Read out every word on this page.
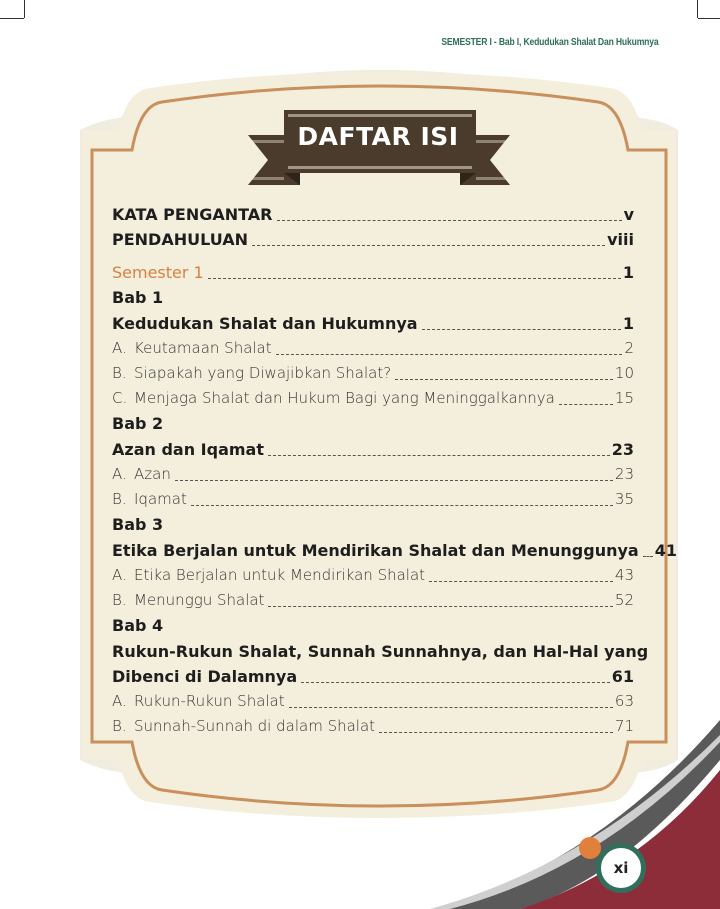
SEMESTER I - Bab I, Kedudukan Shalat Dan Hukumnya
DAFTAR ISI
KATA PENGANTAR	v
PENDAHULUAN	viii
Semester 1	1
Bab 1
Kedudukan Shalat dan Hukumnya	1
A. Keutamaan Shalat	2
B. Siapakah yang Diwajibkan Shalat?	10
C. Menjaga Shalat dan Hukum Bagi yang Meninggalkannya	15
Bab 2
Azan dan Iqamat	23
A. Azan	23
B. Iqamat	35
Bab 3
Etika Berjalan untuk Mendirikan Shalat dan Menunggunya 41
A. Etika Berjalan untuk Mendirikan Shalat	43
B. Menunggu Shalat	52
Bab 4
Rukun-Rukun Shalat, Sunnah Sunnahnya, dan Hal-Hal yang
Dibenci di Dalamnya	61
A. Rukun-Rukun Shalat	63
B. Sunnah-Sunnah di dalam Shalat	71
xi
